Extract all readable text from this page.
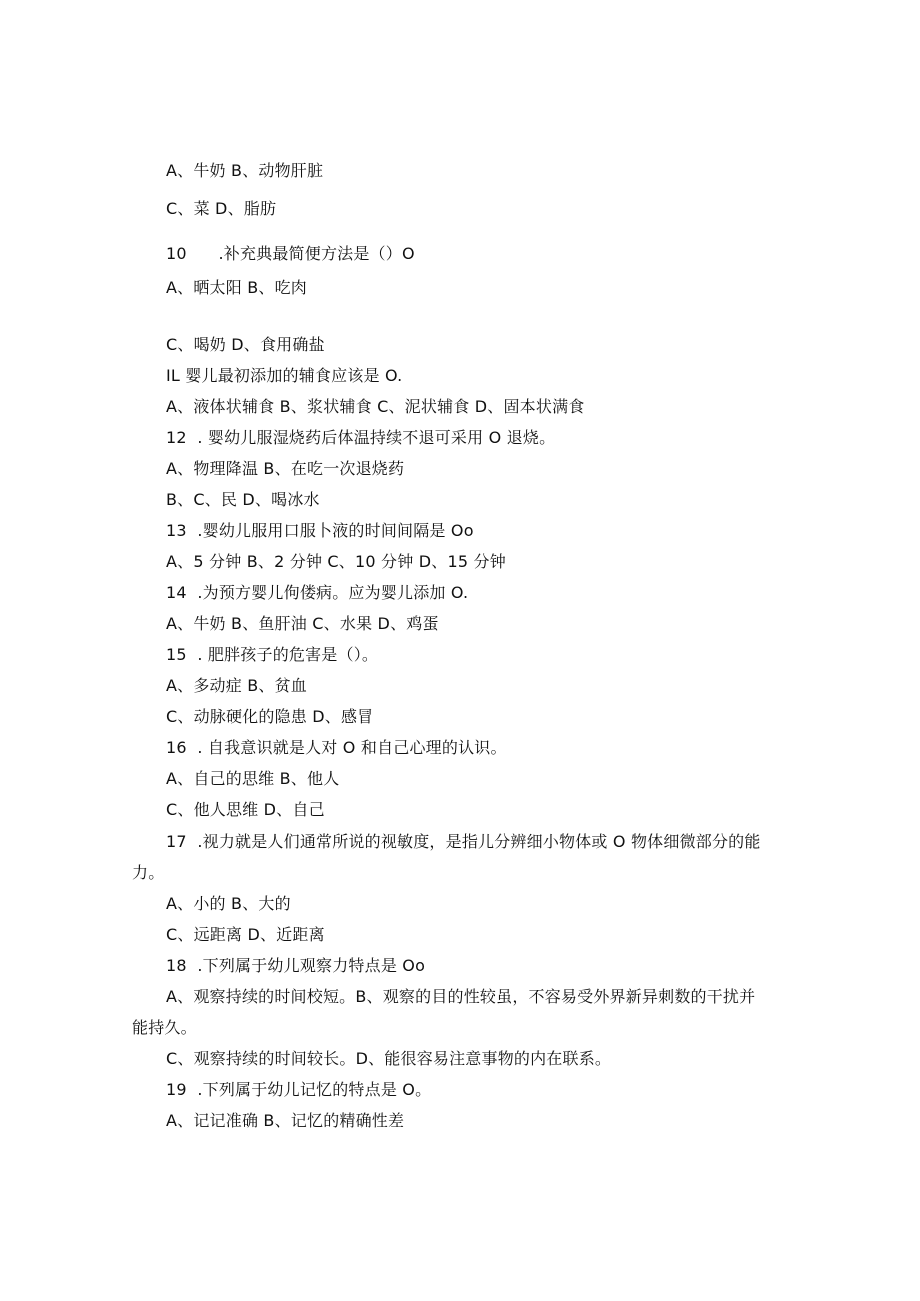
A、牛奶 B、动物肝脏
C、菜 D、脂肪
10      .补充典最简便方法是（）O
A、晒太阳 B、吃肉
C、喝奶 D、食用确盐
IL 婴儿最初添加的辅食应该是 O.
A、液体状辅食 B、浆状辅食 C、泥状辅食 D、固本状满食
12  . 婴幼儿服湿烧药后体温持续不退可采用 O 退烧。
A、物理降温 B、在吃一次退烧药
B、C、民 D、喝冰水
13  .婴幼儿服用口服卜液的时间间隔是 Oo
A、5 分钟 B、2 分钟 C、10 分钟 D、15 分钟
14  .为预方婴儿佝偻病。应为婴儿添加 O.
A、牛奶 B、鱼肝油 C、水果 D、鸡蛋
15  . 肥胖孩子的危害是（）。
A、多动症 B、贫血
C、动脉硬化的隐患 D、感冒
16  . 自我意识就是人对 O 和自己心理的认识。
A、自己的思维 B、他人
C、他人思维 D、自己
17  .视力就是人们通常所说的视敏度，是指儿分辨细小物体或 O 物体细微部分的能
力。
A、小的 B、大的
C、远距离 D、近距离
18  .下列属于幼儿观察力特点是 Oo
A、观察持续的时间校短。B、观察的目的性较虽，不容易受外界新异刺数的干扰并
能持久。
C、观察持续的时间较长。D、能很容易注意事物的内在联系。
19  .下列属于幼儿记忆的特点是 O。
A、记记准确 B、记忆的精确性差
